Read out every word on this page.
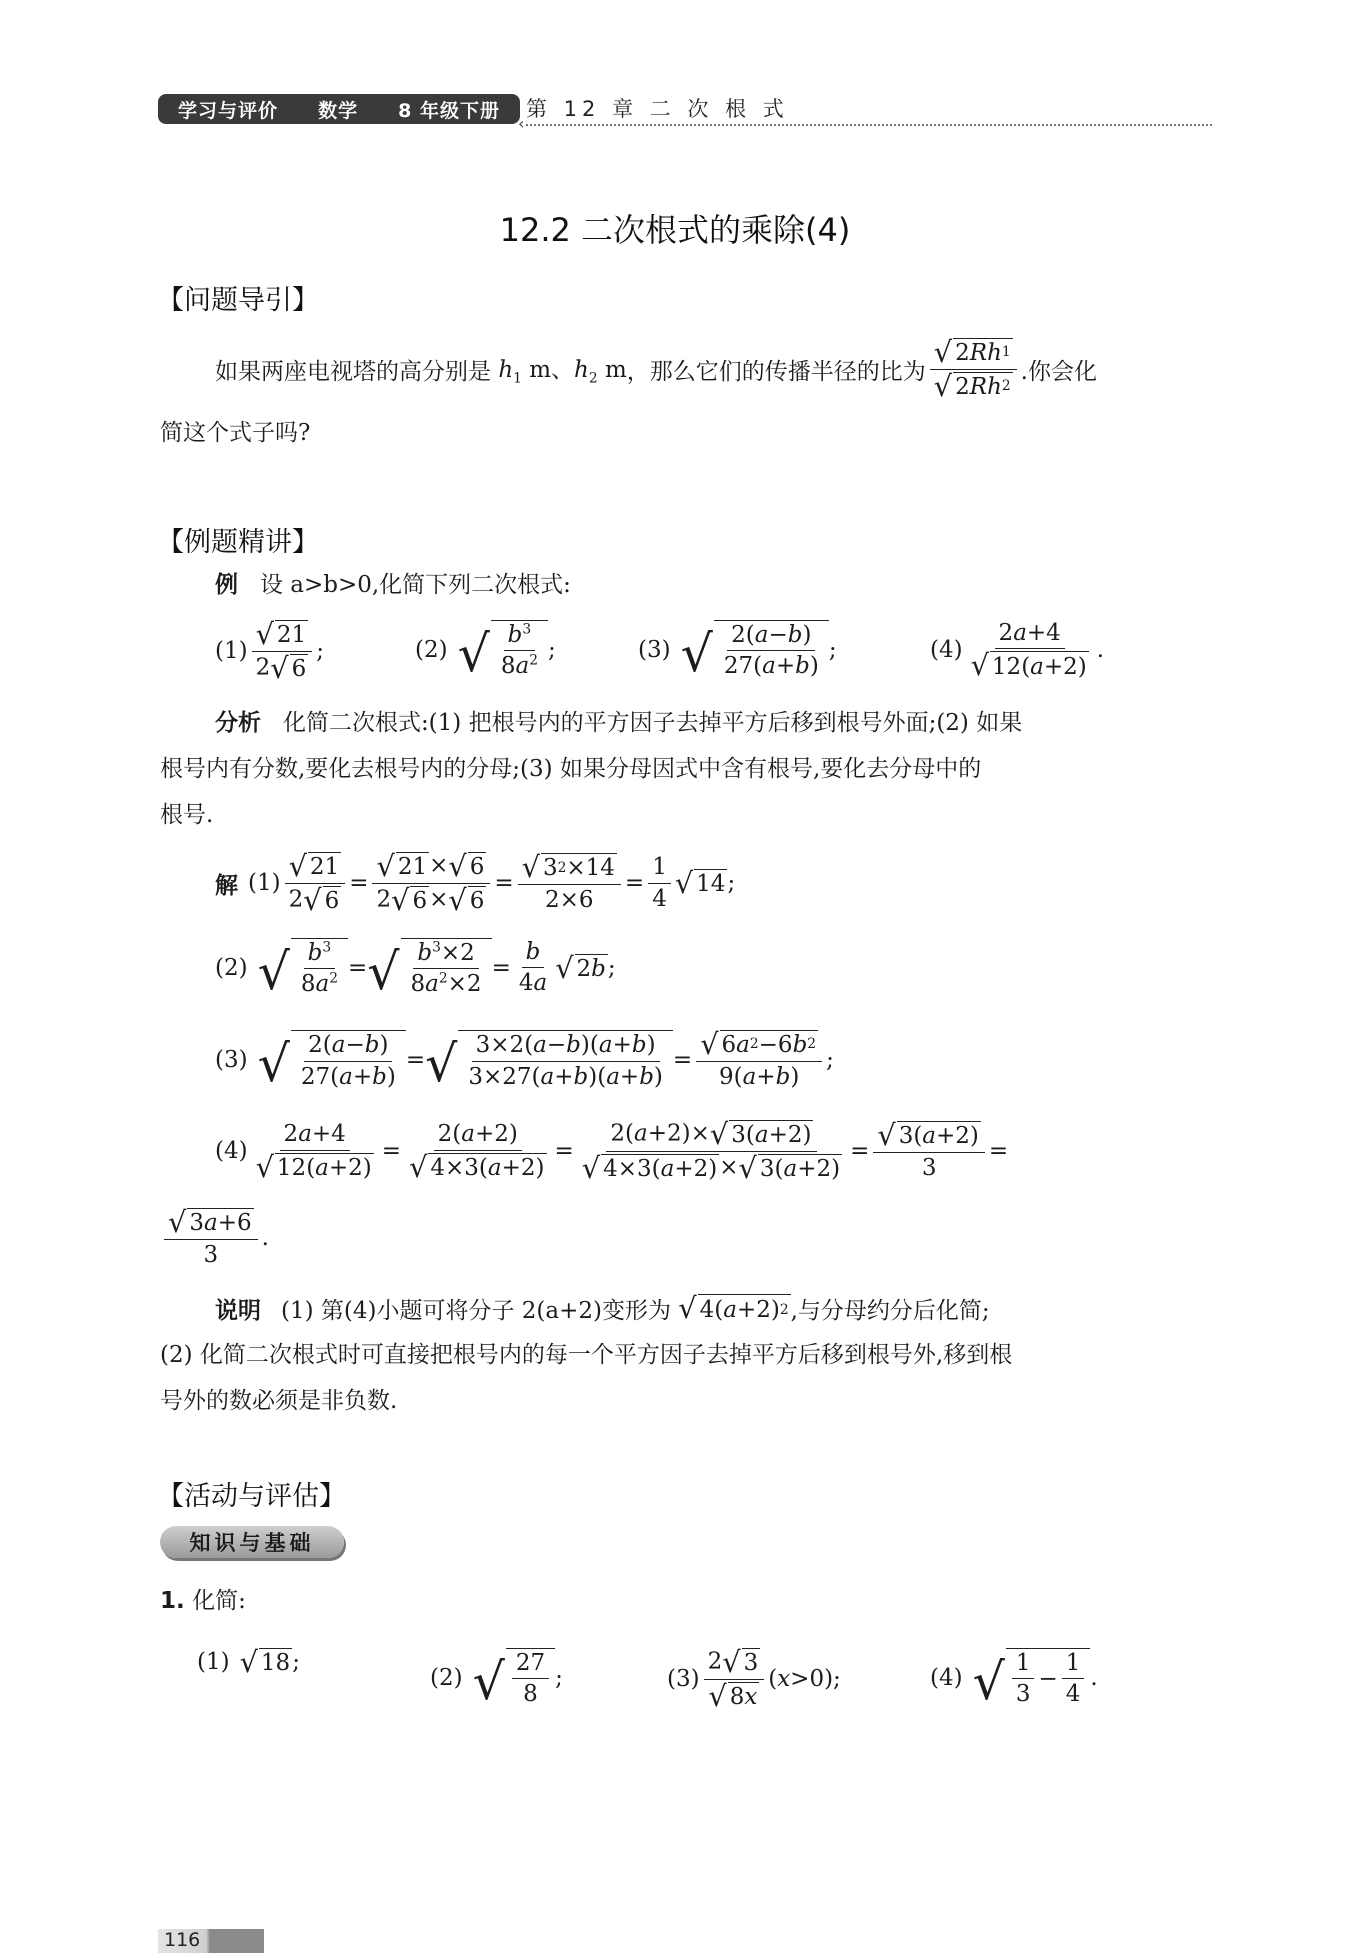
学习与评价 数学 8 年级下册 第 12 章 二 次 根 式
‹
12.2 二次根式的乘除(4)
【问题导引】
如果两座电视塔的高分别是 $h_1$ m、$h_2$ m ，那么它们的传播半径的比为 $\frac{√ 2 Rh 1}{√ 2 Rh 2}$ .你会化
简这个式子吗?
【例题精讲】
例 设 a>b>0,化简下列二次根式:
$(1) \frac{√ 21}{2 √ 6}$ ;	(2) √ $\frac{b^3}{8a^2}$ ;	(3) √ $\frac{2(a-b)}{27(a+b)}$ ;	$(4) \frac{2a+4}{√ 12( a +2)}$ .
分析 化简二次根式:(1) 把根号内的平方因子去掉平方后移到根号外面;(2) 如果
根号内有分数,要化去根号内的分母;(3) 如果分母因式中含有根号,要化去分母中的
根号.
解 $(1) \frac{√ 21}{2 √ 6} = \frac{√ 21 \times √ 6}{2 √ 6 \times √ 6} = \frac{√ 3 2 \times 14}{2\times 6} = \frac{1}{4}$ √ 14 ;
(2) √ $\frac{b^3}{8a^2}$ = √ $\frac{b^3\times 2}{8a^2\times 2} = \frac{b}{4a}$ √ 2 b ;
(3) √ $\frac{2(a-b)}{27(a+b)}$ = √ $\frac{3\times 2(a-b)(a+b)}{3\times 27(a+b)(a+b)} = \frac{√ 6 a 2 -6 b 2}{9(a+b)}$ ;
$(4) \frac{2a+4}{√ 12( a +2)} = \frac{2(a+2)}{√ 4\times 3( a +2)} = \frac{2(a+2)\times √ 3( a +2)}{√ 4\times 3( a +2) \times √ 3( a +2)} = \frac{√ 3( a +2)}{3}$ =
$\frac{√ 3 a +6}{3}$ .
说明 (1) 第(4)小题可将分子 2(a+2)变形为
√ 4( a +2) 2 ,与分母约分后化简;
(2) 化简二次根式时可直接把根号内的每一个平方因子去掉平方后移到根号外,移到根
号外的数必须是非负数.
【活动与评估】
知识与基础
1. 化简:
(1) √ 18 ;
(2) √ $\frac{27}{8}$ ;	$(3) \frac{2 √ 3}{√ 8 x}$ ( x >0);	(4) √ $\frac{1}{3} - \frac{1}{4}$ .
116
